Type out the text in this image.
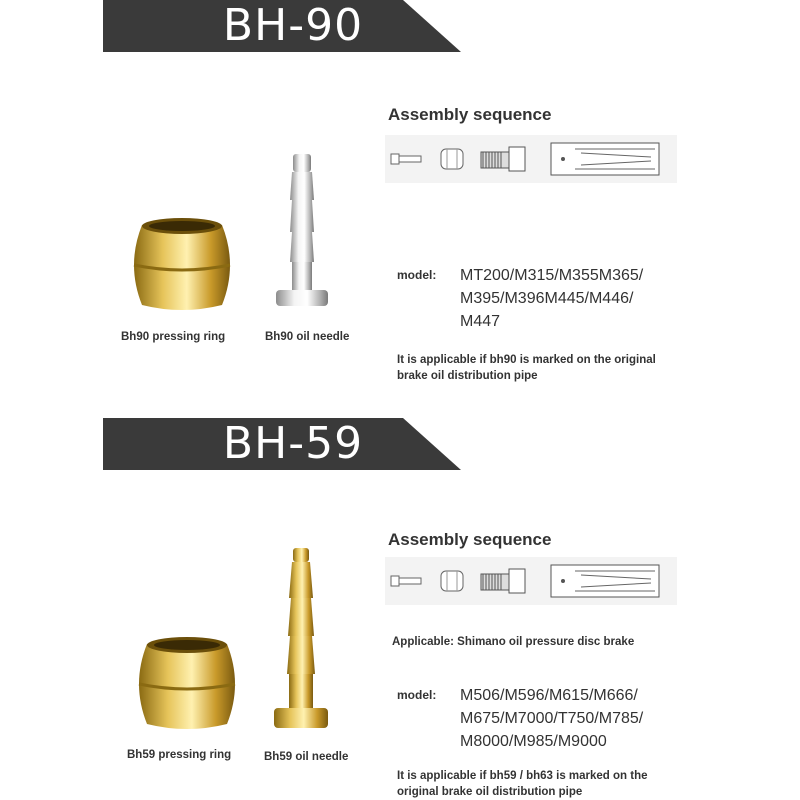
BH-90
Assembly sequence
Bh90 pressing ring	Bh90 oil needle
model: MT200/M315/M355M365/
M395/M396M445/M446/
M447
It is applicable if bh90 is marked on the original
brake oil distribution pipe
BH-59
Assembly sequence
Applicable: Shimano oil pressure disc brake
Bh59 pressing ring	Bh59 oil needle
model: M506/M596/M615/M666/
M675/M7000/T750/M785/
M8000/M985/M9000
It is applicable if bh59 / bh63 is marked on the
original brake oil distribution pipe
